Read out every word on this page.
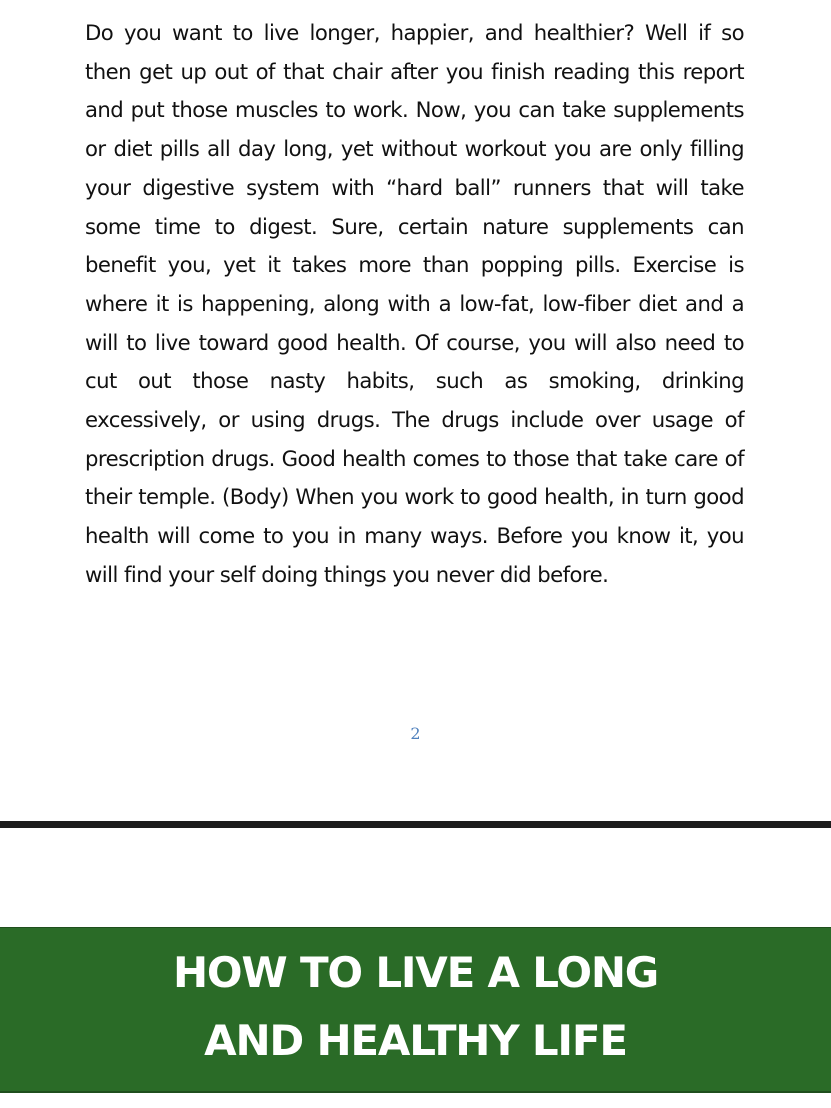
Do you want to live longer, happier, and healthier? Well if so then get up out of that chair after you finish reading this report and put those muscles to work. Now, you can take supplements or diet pills all day long, yet without workout you are only filling your digestive system with “hard ball” runners that will take some time to digest. Sure, certain nature supplements can benefit you, yet it takes more than popping pills. Exercise is where it is happening, along with a low-fat, low-fiber diet and a will to live toward good health. Of course, you will also need to cut out those nasty habits, such as smoking, drinking excessively, or using drugs. The drugs include over usage of prescription drugs. Good health comes to those that take care of their temple. (Body) When you work to good health, in turn good health will come to you in many ways. Before you know it, you will find your self doing things you never did before.

2
HOW TO LIVE A LONG
AND HEALTHY LIFE
